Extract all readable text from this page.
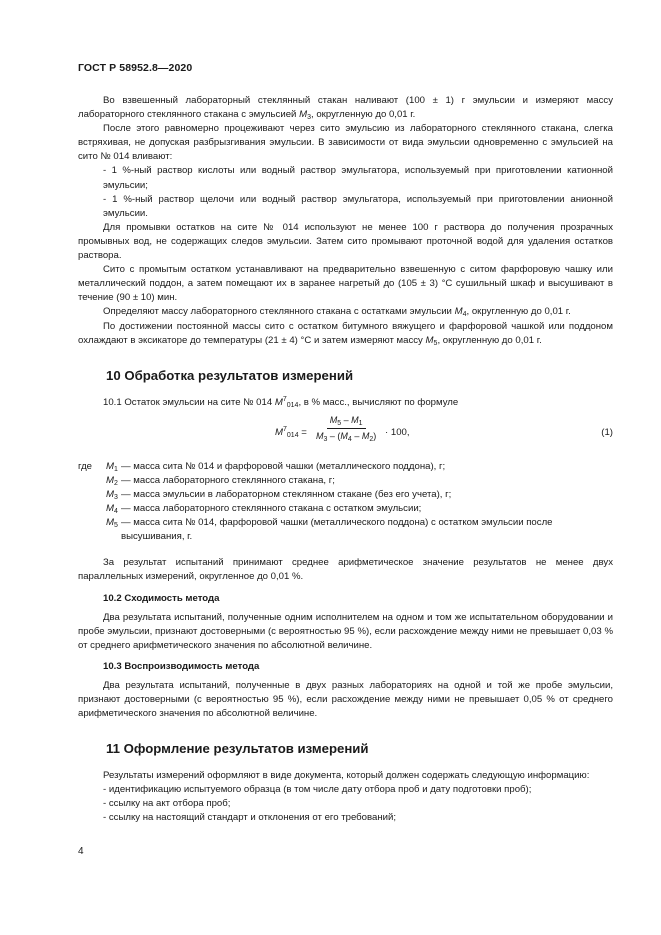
ГОСТ Р 58952.8—2020

Во взвешенный лабораторный стеклянный стакан наливают (100 ± 1) г эмульсии и измеряют массу лабораторного стеклянного стакана с эмульсией $M_3$, округленную до 0,01 г.

После этого равномерно процеживают через сито эмульсию из лабораторного стеклянного стакана, слегка встряхивая, не допуская разбрызгивания эмульсии. В зависимости от вида эмульсии одновременно с эмульсией на сито № 014 вливают:

- 1 %-ный раствор кислоты или водный раствор эмульгатора, используемый при приготовлении катионной эмульсии;

- 1 %-ный раствор щелочи или водный раствор эмульгатора, используемый при приготовлении анионной эмульсии.

Для промывки остатков на сите № 014 используют не менее 100 г раствора до получения прозрачных промывных вод, не содержащих следов эмульсии. Затем сито промывают проточной водой для удаления остатков раствора.

Сито с промытым остатком устанавливают на предварительно взвешенную с ситом фарфоровую чашку или металлический поддон, а затем помещают их в заранее нагретый до (105 ± 3) °С сушильный шкаф и высушивают в течение (90 ± 10) мин.

Определяют массу лабораторного стеклянного стакана с остатками эмульсии $M_4$, округленную до 0,01 г.

По достижении постоянной массы сито с остатком битумного вяжущего и фарфоровой чашкой или поддоном охлаждают в эксикаторе до температуры (21 ± 4) °С и затем измеряют массу $M_5$, округленную до 0,01 г.

10 Обработка результатов измерений

10.1 Остаток эмульсии на сите № 014 $M^7_{014}$, в % масс., вычисляют по формуле

$M^7_{014} = \frac{M_5 - M_1}{M_3 - (M_4 - M_2)} \cdot 100$,	(1)
где $M_1$ — масса сита № 014 и фарфоровой чашки (металлического поддона), г;
$M_2$ — масса лабораторного стеклянного стакана, г;
$M_3$ — масса эмульсии в лабораторном стеклянном стакане (без его учета), г;
$M_4$ — масса лабораторного стеклянного стакана с остатком эмульсии;
$M_5$ — масса сита № 014, фарфоровой чашки (металлического поддона) с остатком эмульсии после высушивания, г.

За результат испытаний принимают среднее арифметическое значение результатов не менее двух параллельных измерений, округленное до 0,01 %.

10.2 Сходимость метода

Два результата испытаний, полученные одним исполнителем на одном и том же испытательном оборудовании и пробе эмульсии, признают достоверными (с вероятностью 95 %), если расхождение между ними не превышает 0,03 % от среднего арифметического значения по абсолютной величине.

10.3 Воспроизводимость метода

Два результата испытаний, полученные в двух разных лабораториях на одной и той же пробе эмульсии, признают достоверными (с вероятностью 95 %), если расхождение между ними не превышает 0,05 % от среднего арифметического значения по абсолютной величине.

11 Оформление результатов измерений

Результаты измерений оформляют в виде документа, который должен содержать следующую информацию:

- идентификацию испытуемого образца (в том числе дату отбора проб и дату подготовки проб);

- ссылку на акт отбора проб;

- ссылку на настоящий стандарт и отклонения от его требований;

4
